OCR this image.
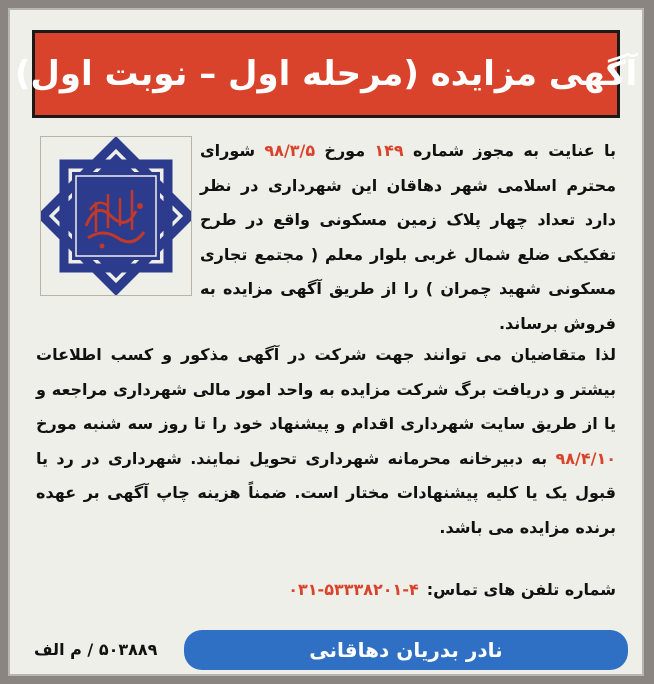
آگهی مزایده (مرحله اول – نوبت اول)
با عنایت به مجوز شماره ۱۴۹ مورخ ۹۸/۳/۵ شورای محترم اسلامی شهر دهاقان این شهرداری در نظر دارد تعداد چهار پلاک زمین مسکونی واقع در طرح تفکیکی ضلع شمال غربی بلوار معلم ( مجتمع تجاری مسکونی شهید چمران ) را از طریق آگهی مزایده به فروش برساند.
لذا متقاضیان می توانند جهت شرکت در آگهی مذکور و کسب اطلاعات بیشتر و دریافت برگ شرکت مزایده به واحد امور مالی شهرداری مراجعه و یا از طریق سایت شهرداری اقدام و پیشنهاد خود را تا روز سه شنبه مورخ ۹۸/۴/۱۰ به دبیرخانه محرمانه شهرداری تحویل نمایند. شهرداری در رد یا قبول یک یا کلیه پیشنهادات مختار است. ضمناً هزینه چاپ آگهی بر عهده برنده مزایده می باشد.
شماره تلفن های تماس:۰۳۱-۵۳۳۳۸۲۰۱-۴
نادر بدریان دهاقانی
۵۰۳۸۸۹ / م الف
